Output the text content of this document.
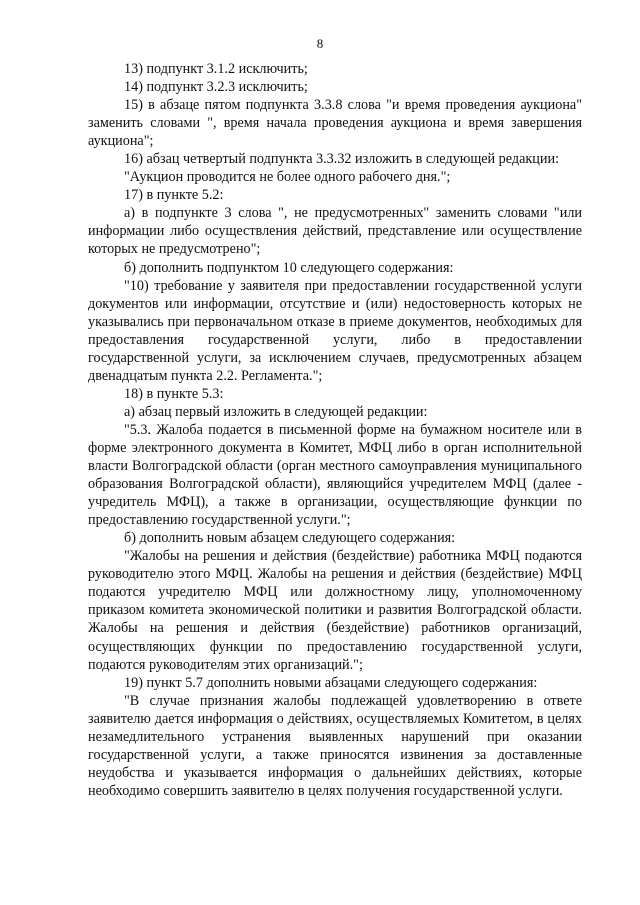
8

13) подпункт 3.1.2 исключить;

14) подпункт 3.2.3 исключить;

15) в абзаце пятом подпункта 3.3.8 слова "и время проведения аукциона" заменить словами ", время начала проведения аукциона и время завершения аукциона";

16) абзац четвертый подпункта 3.3.32 изложить в следующей редакции:

"Аукцион проводится не более одного рабочего дня.";

17) в пункте 5.2:

а) в подпункте 3 слова ", не предусмотренных" заменить словами "или информации либо осуществления действий, представление или осуществление которых не предусмотрено";

б) дополнить подпунктом 10 следующего содержания:

"10) требование у заявителя при предоставлении государственной услуги документов или информации, отсутствие и (или) недостоверность которых не указывались при первоначальном отказе в приеме документов, необходимых для предоставления государственной услуги, либо в предоставлении государственной услуги, за исключением случаев, предусмотренных абзацем двенадцатым пункта 2.2. Регламента.";

18) в пункте 5.3:

а) абзац первый изложить в следующей редакции:

"5.3. Жалоба подается в письменной форме на бумажном носителе или в форме электронного документа в Комитет, МФЦ либо в орган исполнительной власти Волгоградской области (орган местного самоуправления муниципального образования Волгоградской области), являющийся учредителем МФЦ (далее - учредитель МФЦ), а также в организации, осуществляющие функции по предоставлению государственной услуги.";

б) дополнить новым абзацем следующего содержания:

"Жалобы на решения и действия (бездействие) работника МФЦ подаются руководителю этого МФЦ. Жалобы на решения и действия (бездействие) МФЦ подаются учредителю МФЦ или должностному лицу, уполномоченному приказом комитета экономической политики и развития Волгоградской области. Жалобы на решения и действия (бездействие) работников организаций, осуществляющих функции по предоставлению государственной услуги, подаются руководителям этих организаций.";

19) пункт 5.7 дополнить новыми абзацами следующего содержания:

"В случае признания жалобы подлежащей удовлетворению в ответе заявителю дается информация о действиях, осуществляемых Комитетом, в целях незамедлительного устранения выявленных нарушений при оказании государственной услуги, а также приносятся извинения за доставленные неудобства и указывается информация о дальнейших действиях, которые необходимо совершить заявителю в целях получения государственной услуги.
